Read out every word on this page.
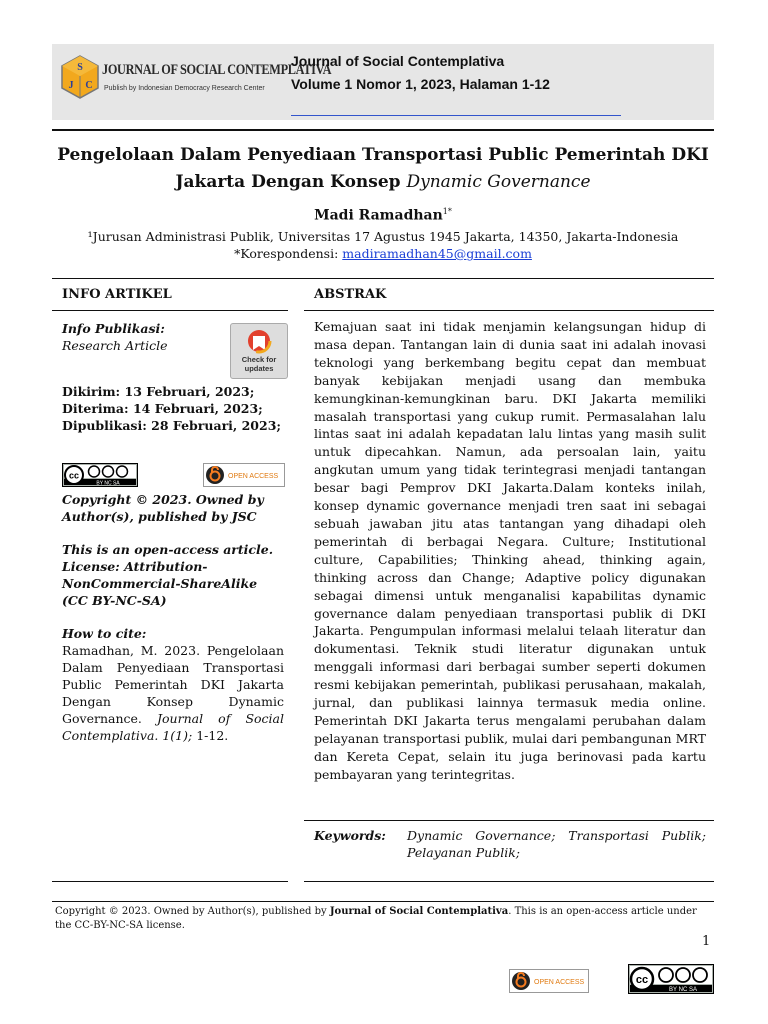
S
J C
JOURNAL OF SOCIAL CONTEMPLATIVA
Publish by Indonesian Democracy Research Center
Journal of Social Contemplativa
Volume 1 Nomor 1, 2023, Halaman 1-12
Pengelolaan Dalam Penyediaan Transportasi Public Pemerintah DKI
Jakarta Dengan Konsep Dynamic Governance
Madi Ramadhan$^{1*}$
¹Jurusan Administrasi Publik, Universitas 17 Agustus 1945 Jakarta, 14350, Jakarta-Indonesia
*Korespondensi: madiramadhan45@gmail.com
INFO ARTIKEL	ABSTRAK

Info Publikasi:

Research Article

Dikirim: 13 Februari, 2023;

Diterima: 14 Februari, 2023;

Dipublikasi: 28 Februari, 2023;

Copyright © 2023. Owned by Author(s), published by JSC

This is an open-access article. License: Attribution-NonCommercial-ShareAlike (CC BY-NC-SA)

How to cite:

Ramadhan, M. 2023. Pengelolaan Dalam Penyediaan Transportasi Public Pemerintah DKI Jakarta Dengan Konsep Dynamic Governance. Journal of Social Contemplativa. 1(1); 1-12.

Check for
updates
cc
BY NC SA
OPEN ACCESS
Kemajuan saat ini tidak menjamin kelangsungan hidup di masa depan. Tantangan lain di dunia saat ini adalah inovasi teknologi yang berkembang begitu cepat dan membuat banyak kebijakan menjadi usang dan membuka kemungkinan-kemungkinan baru. DKI Jakarta memiliki masalah transportasi yang cukup rumit. Permasalahan lalu lintas saat ini adalah kepadatan lalu lintas yang masih sulit untuk dipecahkan. Namun, ada persoalan lain, yaitu angkutan umum yang tidak terintegrasi menjadi tantangan besar bagi Pemprov DKI Jakarta.Dalam konteks inilah, konsep dynamic governance menjadi tren saat ini sebagai sebuah jawaban jitu atas tantangan yang dihadapi oleh pemerintah di berbagai Negara. Culture; Institutional culture, Capabilities; Thinking ahead, thinking again, thinking across dan Change; Adaptive policy digunakan sebagai dimensi untuk menganalisi kapabilitas dynamic governance dalam penyediaan transportasi publik di DKI Jakarta. Pengumpulan informasi melalui telaah literatur dan dokumentasi. Teknik studi literatur digunakan untuk menggali informasi dari berbagai sumber seperti dokumen resmi kebijakan pemerintah, publikasi perusahaan, makalah, jurnal, dan publikasi lainnya termasuk media online. Pemerintah DKI Jakarta terus mengalami perubahan dalam pelayanan transportasi publik, mulai dari pembangunan MRT dan Kereta Cepat, selain itu juga berinovasi pada kartu pembayaran yang terintegritas.
Keywords: Dynamic Governance; Transportasi Publik; Pelayanan Publik;
Copyright © 2023. Owned by Author(s), published by Journal of Social Contemplativa. This is an open-access article under the CC-BY-NC-SA license.
1
OPEN ACCESS	cc
BY NC SA
